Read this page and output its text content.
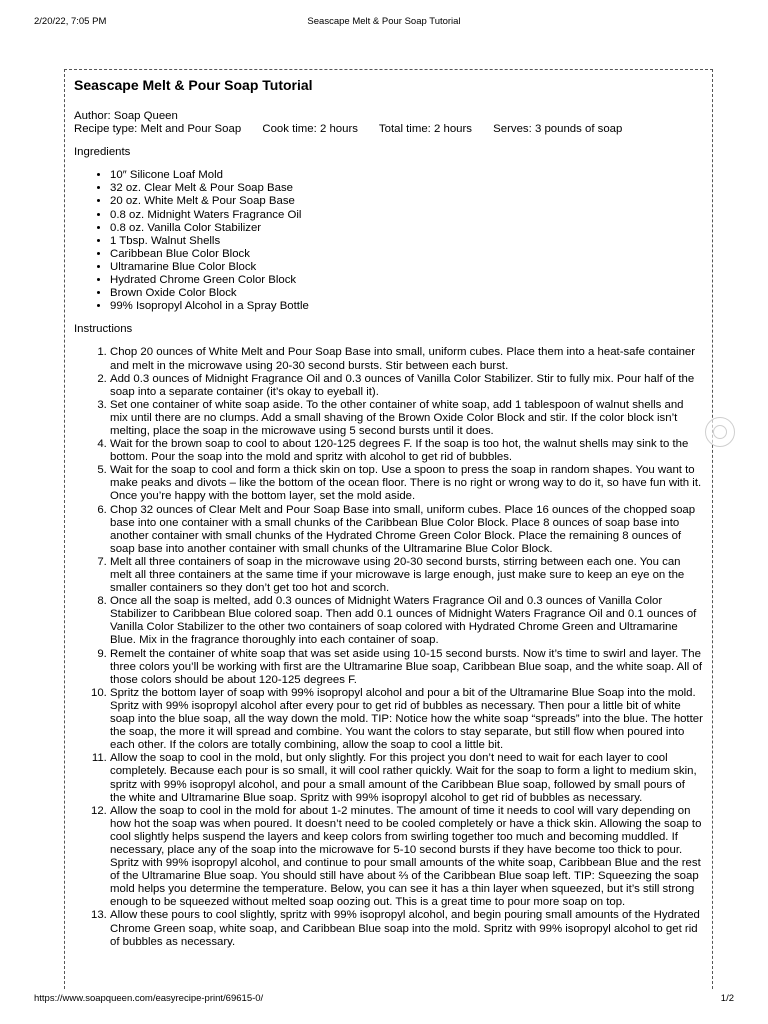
2/20/22, 7:05 PM	Seascape Melt & Pour Soap Tutorial
Seascape Melt & Pour Soap Tutorial

Author: Soap Queen

Recipe type: Melt and Pour Soap Cook time: 2 hours Total time: 2 hours Serves: 3 pounds of soap

Ingredients

• 10″ Silicone Loaf Mold
• 32 oz. Clear Melt & Pour Soap Base
• 20 oz. White Melt & Pour Soap Base
• 0.8 oz. Midnight Waters Fragrance Oil
• 0.8 oz. Vanilla Color Stabilizer
• 1 Tbsp. Walnut Shells
• Caribbean Blue Color Block
• Ultramarine Blue Color Block
• Hydrated Chrome Green Color Block
• Brown Oxide Color Block
• 99% Isopropyl Alcohol in a Spray Bottle

Instructions

1. Chop 20 ounces of White Melt and Pour Soap Base into small, uniform cubes. Place them into a heat-safe container and melt in the microwave using 20-30 second bursts. Stir between each burst.
2. Add 0.3 ounces of Midnight Fragrance Oil and 0.3 ounces of Vanilla Color Stabilizer. Stir to fully mix. Pour half of the soap into a separate container (it’s okay to eyeball it).
3. Set one container of white soap aside. To the other container of white soap, add 1 tablespoon of walnut shells and mix until there are no clumps. Add a small shaving of the Brown Oxide Color Block and stir. If the color block isn’t melting, place the soap in the microwave using 5 second bursts until it does.
4. Wait for the brown soap to cool to about 120-125 degrees F. If the soap is too hot, the walnut shells may sink to the bottom. Pour the soap into the mold and spritz with alcohol to get rid of bubbles.
5. Wait for the soap to cool and form a thick skin on top. Use a spoon to press the soap in random shapes. You want to make peaks and divots – like the bottom of the ocean floor. There is no right or wrong way to do it, so have fun with it. Once you’re happy with the bottom layer, set the mold aside.
6. Chop 32 ounces of Clear Melt and Pour Soap Base into small, uniform cubes. Place 16 ounces of the chopped soap base into one container with a small chunks of the Caribbean Blue Color Block. Place 8 ounces of soap base into another container with small chunks of the Hydrated Chrome Green Color Block. Place the remaining 8 ounces of soap base into another container with small chunks of the Ultramarine Blue Color Block.
7. Melt all three containers of soap in the microwave using 20-30 second bursts, stirring between each one. You can melt all three containers at the same time if your microwave is large enough, just make sure to keep an eye on the smaller containers so they don’t get too hot and scorch.
8. Once all the soap is melted, add 0.3 ounces of Midnight Waters Fragrance Oil and 0.3 ounces of Vanilla Color Stabilizer to Caribbean Blue colored soap. Then add 0.1 ounces of Midnight Waters Fragrance Oil and 0.1 ounces of Vanilla Color Stabilizer to the other two containers of soap colored with Hydrated Chrome Green and Ultramarine Blue. Mix in the fragrance thoroughly into each container of soap.
9. Remelt the container of white soap that was set aside using 10-15 second bursts. Now it’s time to swirl and layer. The three colors you’ll be working with first are the Ultramarine Blue soap, Caribbean Blue soap, and the white soap. All of those colors should be about 120-125 degrees F.
10. Spritz the bottom layer of soap with 99% isopropyl alcohol and pour a bit of the Ultramarine Blue Soap into the mold. Spritz with 99% isopropyl alcohol after every pour to get rid of bubbles as necessary. Then pour a little bit of white soap into the blue soap, all the way down the mold. TIP: Notice how the white soap “spreads” into the blue. The hotter the soap, the more it will spread and combine. You want the colors to stay separate, but still flow when poured into each other. If the colors are totally combining, allow the soap to cool a little bit.
11. Allow the soap to cool in the mold, but only slightly. For this project you don’t need to wait for each layer to cool completely. Because each pour is so small, it will cool rather quickly. Wait for the soap to form a light to medium skin, spritz with 99% isopropyl alcohol, and pour a small amount of the Caribbean Blue soap, followed by small pours of the white and Ultramarine Blue soap. Spritz with 99% isopropyl alcohol to get rid of bubbles as necessary.
12. Allow the soap to cool in the mold for about 1-2 minutes. The amount of time it needs to cool will vary depending on how hot the soap was when poured. It doesn’t need to be cooled completely or have a thick skin. Allowing the soap to cool slightly helps suspend the layers and keep colors from swirling together too much and becoming muddled. If necessary, place any of the soap into the microwave for 5-10 second bursts if they have become too thick to pour. Spritz with 99% isopropyl alcohol, and continue to pour small amounts of the white soap, Caribbean Blue and the rest of the Ultramarine Blue soap. You should still have about ⅔ of the Caribbean Blue soap left. TIP: Squeezing the soap mold helps you determine the temperature. Below, you can see it has a thin layer when squeezed, but it’s still strong enough to be squeezed without melted soap oozing out. This is a great time to pour more soap on top.
13. Allow these pours to cool slightly, spritz with 99% isopropyl alcohol, and begin pouring small amounts of the Hydrated Chrome Green soap, white soap, and Caribbean Blue soap into the mold. Spritz with 99% isopropyl alcohol to get rid of bubbles as necessary.
https://www.soapqueen.com/easyrecipe-print/69615-0/	1/2
